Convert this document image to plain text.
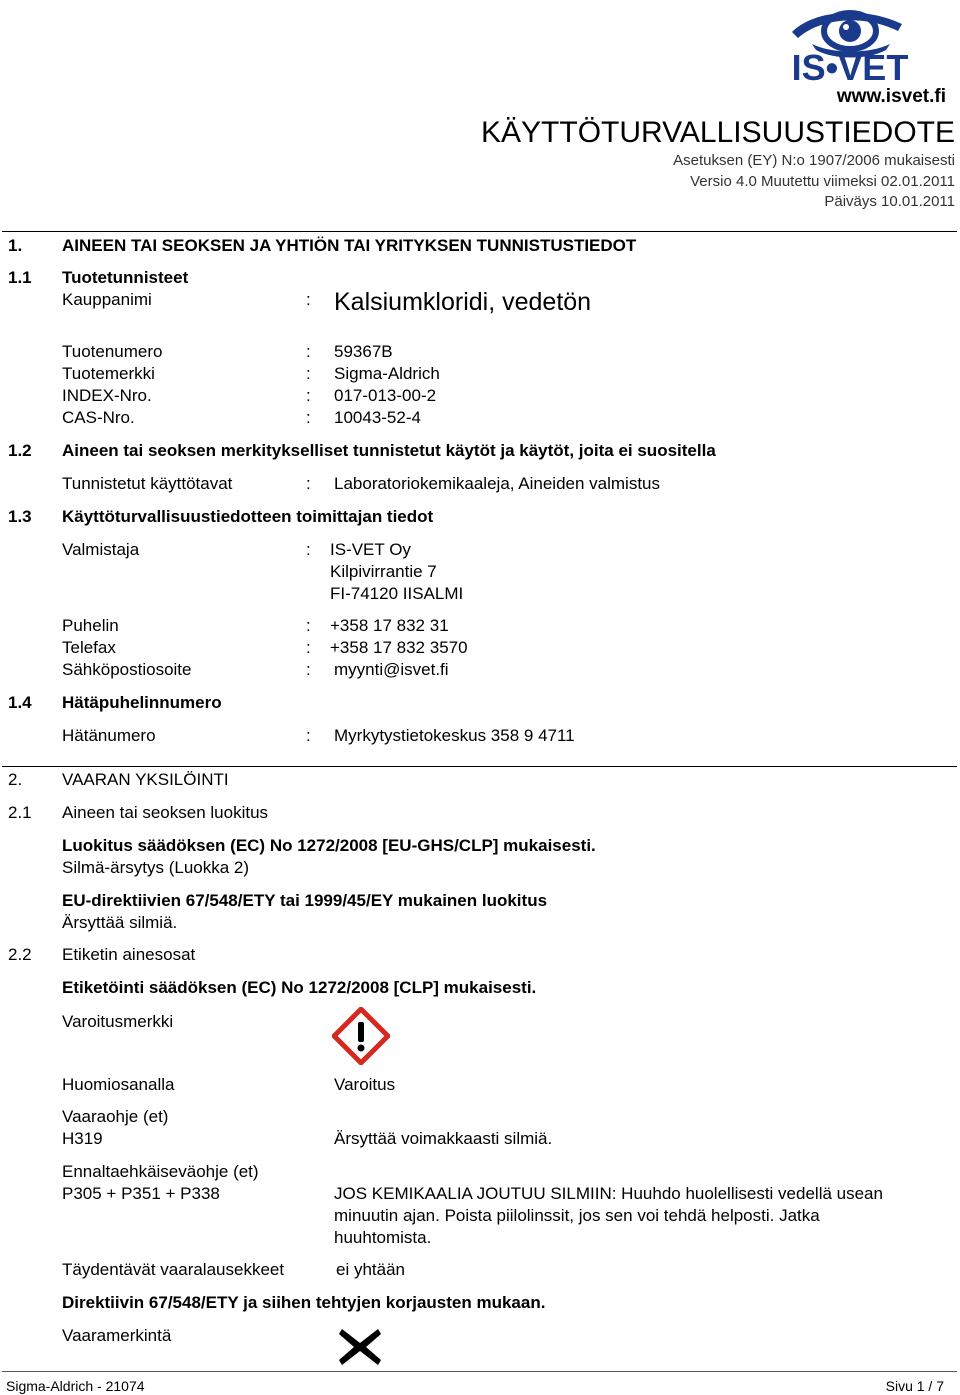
IS•VET
www.isvet.fi
KÄYTTÖTURVALLISUUSTIEDOTE
Asetuksen (EY) N:o 1907/2006 mukaisesti
Versio 4.0 Muutettu viimeksi 02.01.2011
Päiväys 10.01.2011
1. AINEEN TAI SEOKSEN JA YHTIÖN TAI YRITYKSEN TUNNISTUSTIEDOT
1.1 Tuotetunnisteet
Kauppanimi	: Kalsiumkloridi, vedetön
Tuotenumero	: 59367B
Tuotemerkki	: Sigma-Aldrich
INDEX-Nro.	: 017-013-00-2
CAS-Nro.	: 10043-52-4
1.2 Aineen tai seoksen merkitykselliset tunnistetut käytöt ja käytöt, joita ei suositella
Tunnistetut käyttötavat	: Laboratoriokemikaaleja, Aineiden valmistus
1.3 Käyttöturvallisuustiedotteen toimittajan tiedot
Valmistaja	: IS-VET Oy
Kilpivirrantie 7
FI-74120 IISALMI
Puhelin	: +358 17 832 31
Telefax	: +358 17 832 3570
Sähköpostiosoite	: myynti@isvet.fi
1.4 Hätäpuhelinnumero
Hätänumero	: Myrkytystietokeskus 358 9 4711
2. VAARAN YKSILÖINTI
2.1 Aineen tai seoksen luokitus
Luokitus säädöksen (EC) No 1272/2008 [EU-GHS/CLP] mukaisesti.
Silmä-ärsytys (Luokka 2)
EU-direktiivien 67/548/ETY tai 1999/45/EY mukainen luokitus
Ärsyttää silmiä.
2.2 Etiketin ainesosat
Etiketöinti säädöksen (EC) No 1272/2008 [CLP] mukaisesti.
Varoitusmerkki
Huomiosanalla	Varoitus
Vaaraohje (et)
H319	Ärsyttää voimakkaasti silmiä.
Ennaltaehkäiseväohje (et)
P305 + P351 + P338	JOS KEMIKAALIA JOUTUU SILMIIN: Huuhdo huolellisesti vedellä usean
minuutin ajan. Poista piilolinssit, jos sen voi tehdä helposti. Jatka
huuhtomista.
Täydentävät vaaralausekkeet	ei yhtään
Direktiivin 67/548/ETY ja siihen tehtyjen korjausten mukaan.
Vaaramerkintä
Sigma-Aldrich - 21074	Sivu 1 / 7
